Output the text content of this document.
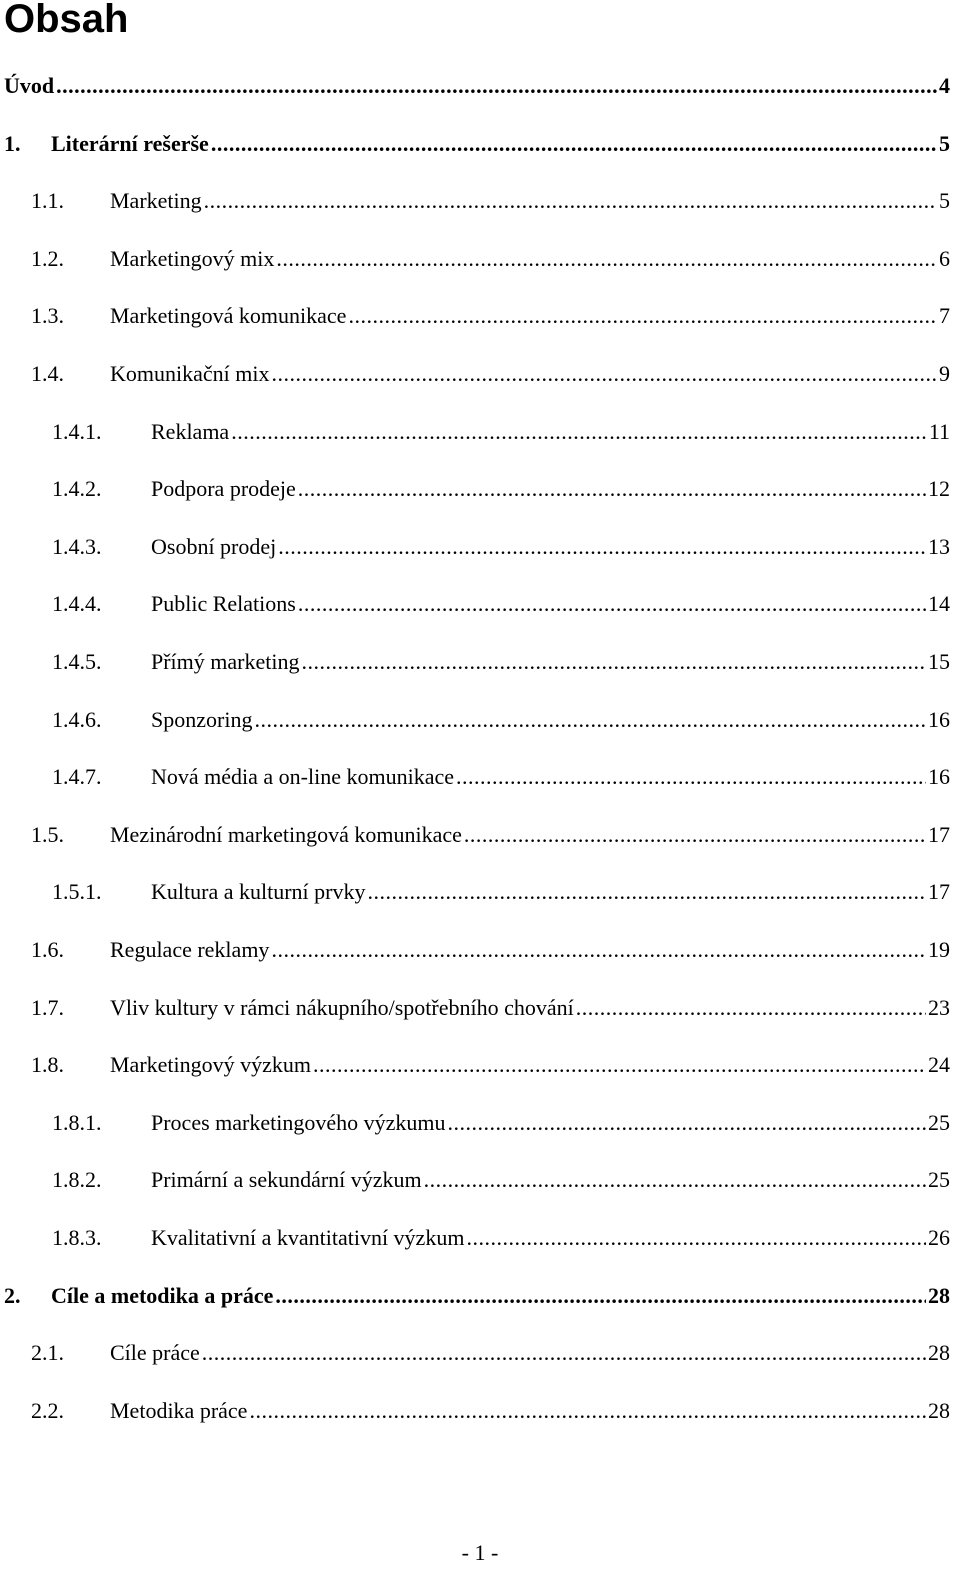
Obsah
Úvod .....	4
1.	Literární rešerše .....	5
1.1.	Marketing .....	5
1.2.	Marketingový mix .....	6
1.3.	Marketingová komunikace .....	7
1.4.	Komunikační mix .....	9
1.4.1.	Reklama .....	11
1.4.2.	Podpora prodeje .....	12
1.4.3.	Osobní prodej .....	13
1.4.4.	Public Relations .....	14
1.4.5.	Přímý marketing .....	15
1.4.6.	Sponzoring .....	16
1.4.7.	Nová média a on-line komunikace .....	16
1.5.	Mezinárodní marketingová komunikace .....	17
1.5.1.	Kultura a kulturní prvky .....	17
1.6.	Regulace reklamy .....	19
1.7.	Vliv kultury v rámci nákupního/spotřebního chování .....	23
1.8.	Marketingový výzkum .....	24
1.8.1.	Proces marketingového výzkumu .....	25
1.8.2.	Primární a sekundární výzkum .....	25
1.8.3.	Kvalitativní a kvantitativní výzkum .....	26
2.	Cíle a metodika a práce .....	28
2.1.	Cíle práce .....	28
2.2.	Metodika práce .....	28
- 1 -
